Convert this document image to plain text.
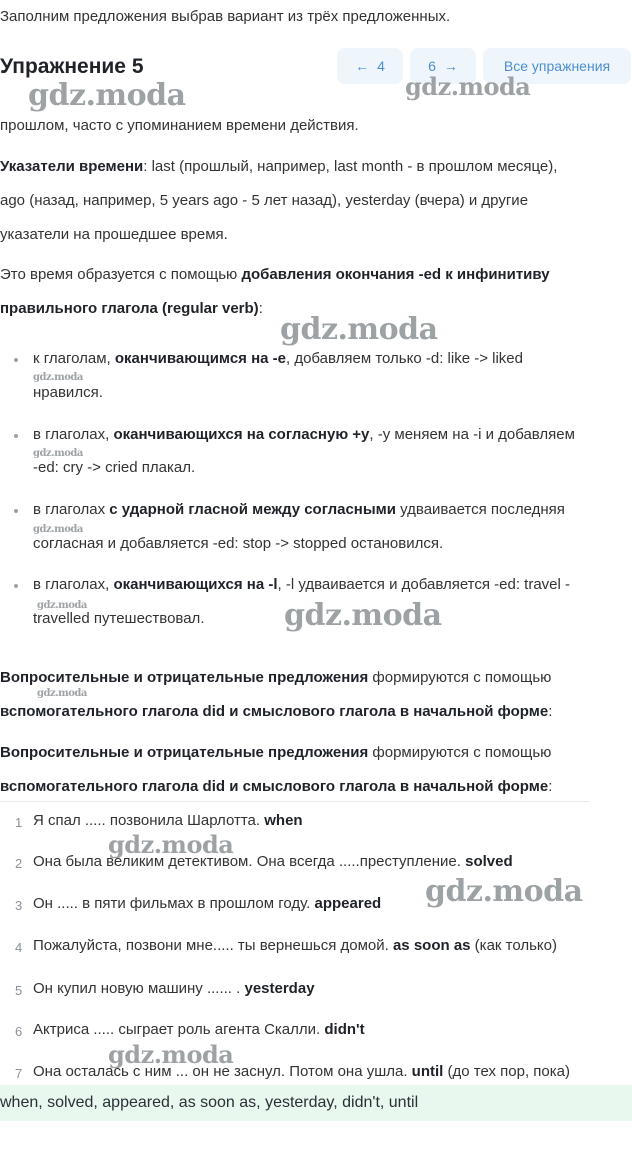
Заполним предложения выбрав вариант из трёх предложенных.
Упражнение 5	← 4	6 →	Все упражнения
gdz.moda	gdz.moda
gdz.moda
gdz.moda
gdz.moda
gdz.moda
gdz.moda	gdz.moda
gdz.moda
gdz.moda
gdz.moda
gdz.moda
прошлом, часто с упоминанием времени действия.
Указатели времени: last (прошлый, например, last month - в прошлом месяце),
ago (назад, например, 5 years ago - 5 лет назад), yesterday (вчера) и другие
указатели на прошедшее время.
Это время образуется с помощью добавления окончания -ed к инфинитиву
правильного глагола (regular verb):
к глаголам, оканчивающимся на -е, добавляем только -d: like -> liked
нравился.
в глаголах, оканчивающихся на согласную +у, -у меняем на -i и добавляем
-ed: cry -> cried плакал.
в глаголах с ударной гласной между согласными удваивается последняя
согласная и добавляется -ed: stop -> stopped остановился.
в глаголах, оканчивающихся на -l, -l удваивается и добавляется -ed: travel -
travelled путешествовал.
Вопросительные и отрицательные предложения формируются с помощью
вспомогательного глагола did и смыслового глагола в начальной форме:
Вопросительные и отрицательные предложения формируются с помощью
вспомогательного глагола did и смыслового глагола в начальной форме:
1 Я спал ..... позвонила Шарлотта. when
2 Она была великим детективом. Она всегда .....преступление. solved
3 Он ..... в пяти фильмах в прошлом году. appeared
4 Пожалуйста, позвони мне..... ты вернешься домой. as soon as (как только)
5 Он купил новую машину ...... . yesterday
6 Актриса ..... сыграет роль агента Скалли. didn't
7 Она осталась с ним ... он не заснул. Потом она ушла. until (до тех пор, пока)
when, solved, appeared, as soon as, yesterday, didn't, until
